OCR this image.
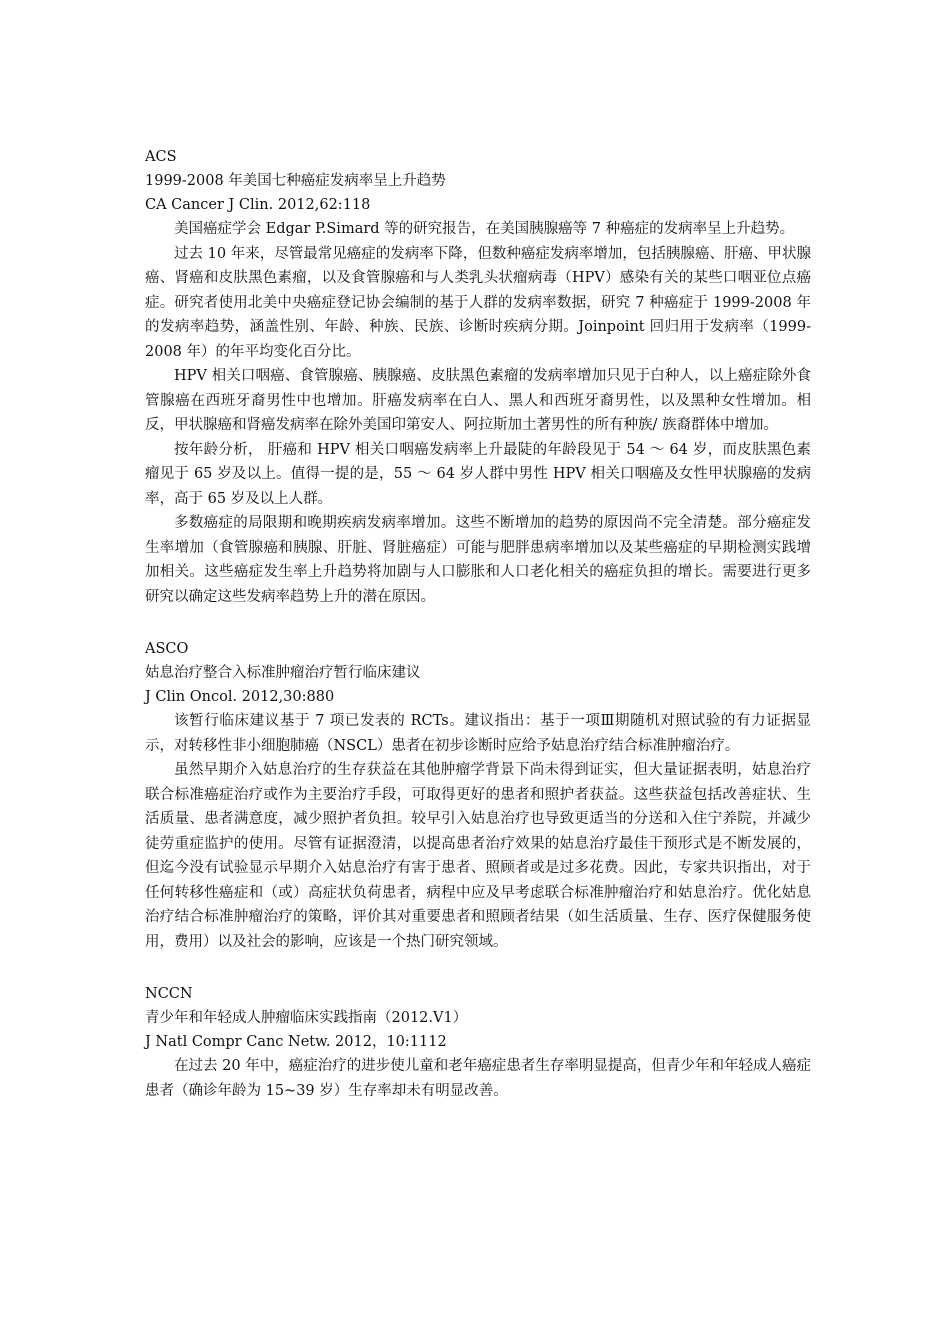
ACS
1999-2008 年美国七种癌症发病率呈上升趋势
CA Cancer J Clin. 2012,62:118

美国癌症学会 Edgar P.Simard 等的研究报告，在美国胰腺癌等 7 种癌症的发病率呈上升趋势。

过去 10 年来，尽管最常见癌症的发病率下降，但数种癌症发病率增加，包括胰腺癌、肝癌、甲状腺癌、肾癌和皮肤黑色素瘤，以及食管腺癌和与人类乳头状瘤病毒（HPV）感染有关的某些口咽亚位点癌症。研究者使用北美中央癌症登记协会编制的基于人群的发病率数据，研究 7 种癌症于 1999-2008 年的发病率趋势，涵盖性别、年龄、种族、民族、诊断时疾病分期。Joinpoint 回归用于发病率（1999-2008 年）的年平均变化百分比。

HPV 相关口咽癌、食管腺癌、胰腺癌、皮肤黑色素瘤的发病率增加只见于白种人，以上癌症除外食管腺癌在西班牙裔男性中也增加。肝癌发病率在白人、黑人和西班牙裔男性，以及黑种女性增加。相反，甲状腺癌和肾癌发病率在除外美国印第安人、阿拉斯加土著男性的所有种族/ 族裔群体中增加。

按年龄分析， 肝癌和 HPV 相关口咽癌发病率上升最陡的年龄段见于 54 ～ 64 岁，而皮肤黑色素瘤见于 65 岁及以上。值得一提的是，55 ～ 64 岁人群中男性 HPV 相关口咽癌及女性甲状腺癌的发病率，高于 65 岁及以上人群。

多数癌症的局限期和晚期疾病发病率增加。这些不断增加的趋势的原因尚不完全清楚。部分癌症发生率增加（食管腺癌和胰腺、肝脏、肾脏癌症）可能与肥胖患病率增加以及某些癌症的早期检测实践增加相关。这些癌症发生率上升趋势将加剧与人口膨胀和人口老化相关的癌症负担的增长。需要进行更多研究以确定这些发病率趋势上升的潜在原因。

ASCO
姑息治疗整合入标准肿瘤治疗暂行临床建议
J Clin Oncol. 2012,30:880

该暂行临床建议基于 7 项已发表的 RCTs。建议指出：基于一项Ⅲ期随机对照试验的有力证据显示，对转移性非小细胞肺癌（NSCL）患者在初步诊断时应给予姑息治疗结合标准肿瘤治疗。

虽然早期介入姑息治疗的生存获益在其他肿瘤学背景下尚未得到证实，但大量证据表明，姑息治疗联合标准癌症治疗或作为主要治疗手段，可取得更好的患者和照护者获益。这些获益包括改善症状、生活质量、患者满意度，减少照护者负担。较早引入姑息治疗也导致更适当的分送和入住宁养院，并减少徒劳重症监护的使用。尽管有证据澄清，以提高患者治疗效果的姑息治疗最佳干预形式是不断发展的，但迄今没有试验显示早期介入姑息治疗有害于患者、照顾者或是过多花费。因此，专家共识指出，对于任何转移性癌症和（或）高症状负荷患者，病程中应及早考虑联合标准肿瘤治疗和姑息治疗。优化姑息治疗结合标准肿瘤治疗的策略，评价其对重要患者和照顾者结果（如生活质量、生存、医疗保健服务使用，费用）以及社会的影响，应该是一个热门研究领域。

NCCN
青少年和年轻成人肿瘤临床实践指南（2012.V1）
J Natl Compr Canc Netw. 2012，10:1112

在过去 20 年中，癌症治疗的进步使儿童和老年癌症患者生存率明显提高，但青少年和年轻成人癌症患者（确诊年龄为 15~39 岁）生存率却未有明显改善。
